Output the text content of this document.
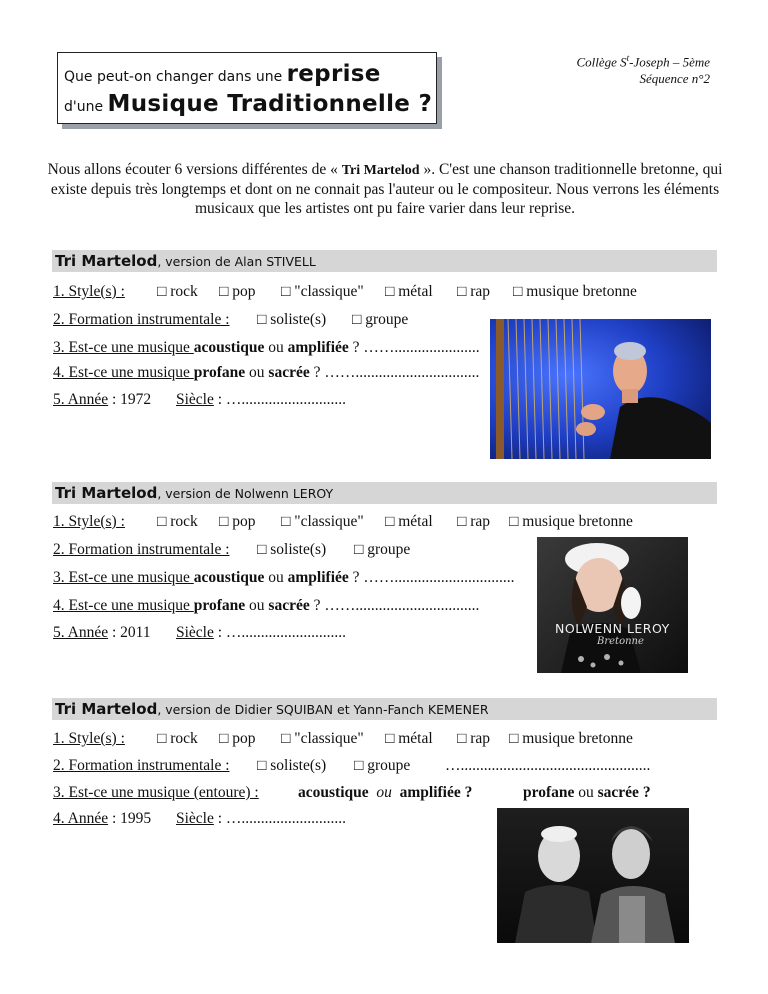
Que peut-on changer dans une reprise
d'une Musique Traditionnelle ?
Collège $S^t$-Joseph – 5ème
Séquence n°2
Nous allons écouter 6 versions différentes de « Tri Martelod ». C'est une chanson traditionnelle bretonne, qui existe depuis très longtemps et dont on ne connait pas l'auteur ou le compositeur. Nous verrons les éléments musicaux que les artistes ont pu faire varier dans leur reprise.
Tri Martelod, version de Alan STIVELL
1. Style(s) : □ rock □ pop □ "classique" □ métal □ rap □ musique bretonne
2. Formation instrumentale : □ soliste(s) □ groupe
3. Est-ce une musique acoustique ou amplifiée ? ……......................
4. Est-ce une musique profane ou sacrée ? ……................................
5. Année : 1972 Siècle : …...........................
Tri Martelod, version de Nolwenn LEROY
1. Style(s) : □ rock □ pop □ "classique" □ métal □ rap □ musique bretonne
2. Formation instrumentale : □ soliste(s) □ groupe
3. Est-ce une musique acoustique ou amplifiée ? ……...............................
4. Est-ce une musique profane ou sacrée ? ……................................
5. Année : 2011 Siècle : …...........................	NOLWENN LEROY
Bretonne
Tri Martelod, version de Didier SQUIBAN et Yann-Fanch KEMENER
1. Style(s) : □ rock □ pop □ "classique" □ métal □ rap □ musique bretonne
2. Formation instrumentale : □ soliste(s) □ groupe ….................................................
3. Est-ce une musique (entoure) :	acoustique ou amplifiée ?	profane ou sacrée ?
4. Année : 1995 Siècle : …...........................
